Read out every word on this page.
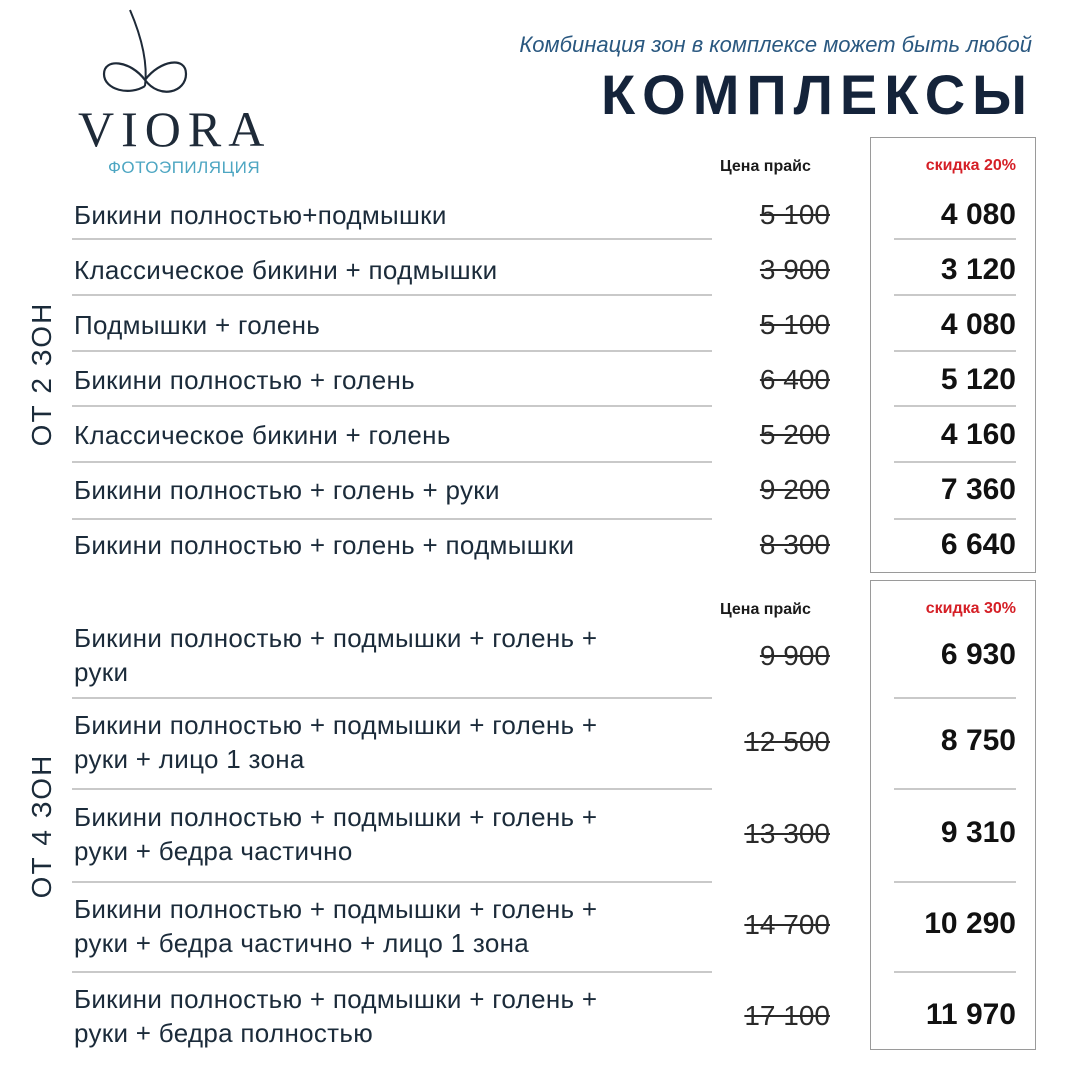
VIORA
ФОТОЭПИЛЯЦИЯ
Комбинация зон в комплексе может быть любой
КОМПЛЕКСЫ
Цена прайс	скидка 20%
ОТ 2 ЗОН
Бикини полностью+подмышки	5 100	4 080
Классическое бикини + подмышки	3 900	3 120
Подмышки + голень	5 100	4 080
Бикини полностью + голень	6 400	5 120
Классическое бикини + голень	5 200	4 160
Бикини полностью + голень + руки	9 200	7 360
Бикини полностью + голень + подмышки	8 300	6 640
Цена прайс	скидка 30%
ОТ 4 ЗОН
Бикини полностью + подмышки + голень +
руки
9 900	6 930
Бикини полностью + подмышки + голень +
руки + лицо 1 зона
12 500	8 750
Бикини полностью + подмышки + голень +
руки + бедра частично
13 300	9 310
Бикини полностью + подмышки + голень +
руки + бедра частично + лицо 1 зона
14 700	10 290
Бикини полностью + подмышки + голень +
руки + бедра полностью
17 100	11 970
